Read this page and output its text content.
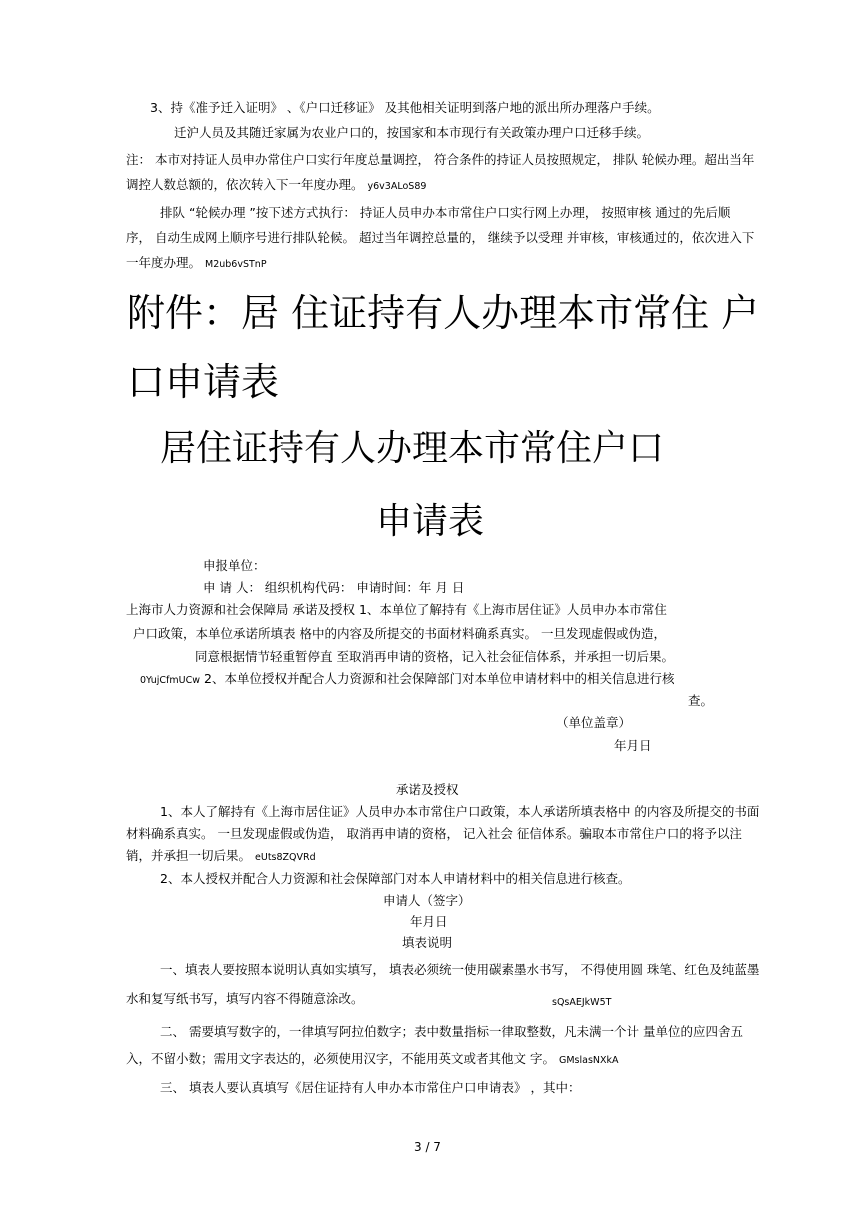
3、持《准予迁入证明》 、《户口迁移证》 及其他相关证明到落户地的派出所办理落户手续。
迁沪人员及其随迁家属为农业户口的，按国家和本市现行有关政策办理户口迁移手续。
注： 本市对持证人员申办常住户口实行年度总量调控， 符合条件的持证人员按照规定， 排队 轮候办理。超出当年
调控人数总额的，依次转入下一年度办理。 y6v3ALoS89
排队 “轮候办理 ”按下述方式执行： 持证人员申办本市常住户口实行网上办理， 按照审核 通过的先后顺
序， 自动生成网上顺序号进行排队轮候。 超过当年调控总量的， 继续予以受理 并审核，审核通过的，依次进入下
一年度办理。 M2ub6vSTnP
附件：居 住证持有人办理本市常住 户
口申请表
居住证持有人办理本市常住户口
申请表
申报单位：
申 请 人： 组织机构代码： 申请时间：年 月 日
上海市人力资源和社会保障局 承诺及授权 1、本单位了解持有《上海市居住证》人员申办本市常住
户口政策，本单位承诺所填表 格中的内容及所提交的书面材料确系真实。 一旦发现虚假或伪造，
同意根据情节轻重暂停直 至取消再申请的资格，记入社会征信体系，并承担一切后果。
0YujCfmUCw 2、本单位授权并配合人力资源和社会保障部门对本单位申请材料中的相关信息进行核
查。
（单位盖章）
年月日
承诺及授权
1、本人了解持有《上海市居住证》人员申办本市常住户口政策，本人承诺所填表格中 的内容及所提交的书面
材料确系真实。 一旦发现虚假或伪造， 取消再申请的资格， 记入社会 征信体系。骗取本市常住户口的将予以注
销，并承担一切后果。 eUts8ZQVRd
2、本人授权并配合人力资源和社会保障部门对本人申请材料中的相关信息进行核查。
申请人（签字）
年月日
填表说明
一、填表人要按照本说明认真如实填写， 填表必须统一使用碳素墨水书写， 不得使用圆 珠笔、红色及纯蓝墨
水和复写纸书写，填写内容不得随意涂改。	sQsAEJkW5T
二、 需要填写数字的，一律填写阿拉伯数字；表中数量指标一律取整数，凡未满一个计 量单位的应四舍五
入，不留小数；需用文字表达的，必须使用汉字，不能用英文或者其他文 字。 GMslasNXkA
三、 填表人要认真填写《居住证持有人申办本市常住户口申请表》 ，其中：
3 / 7
